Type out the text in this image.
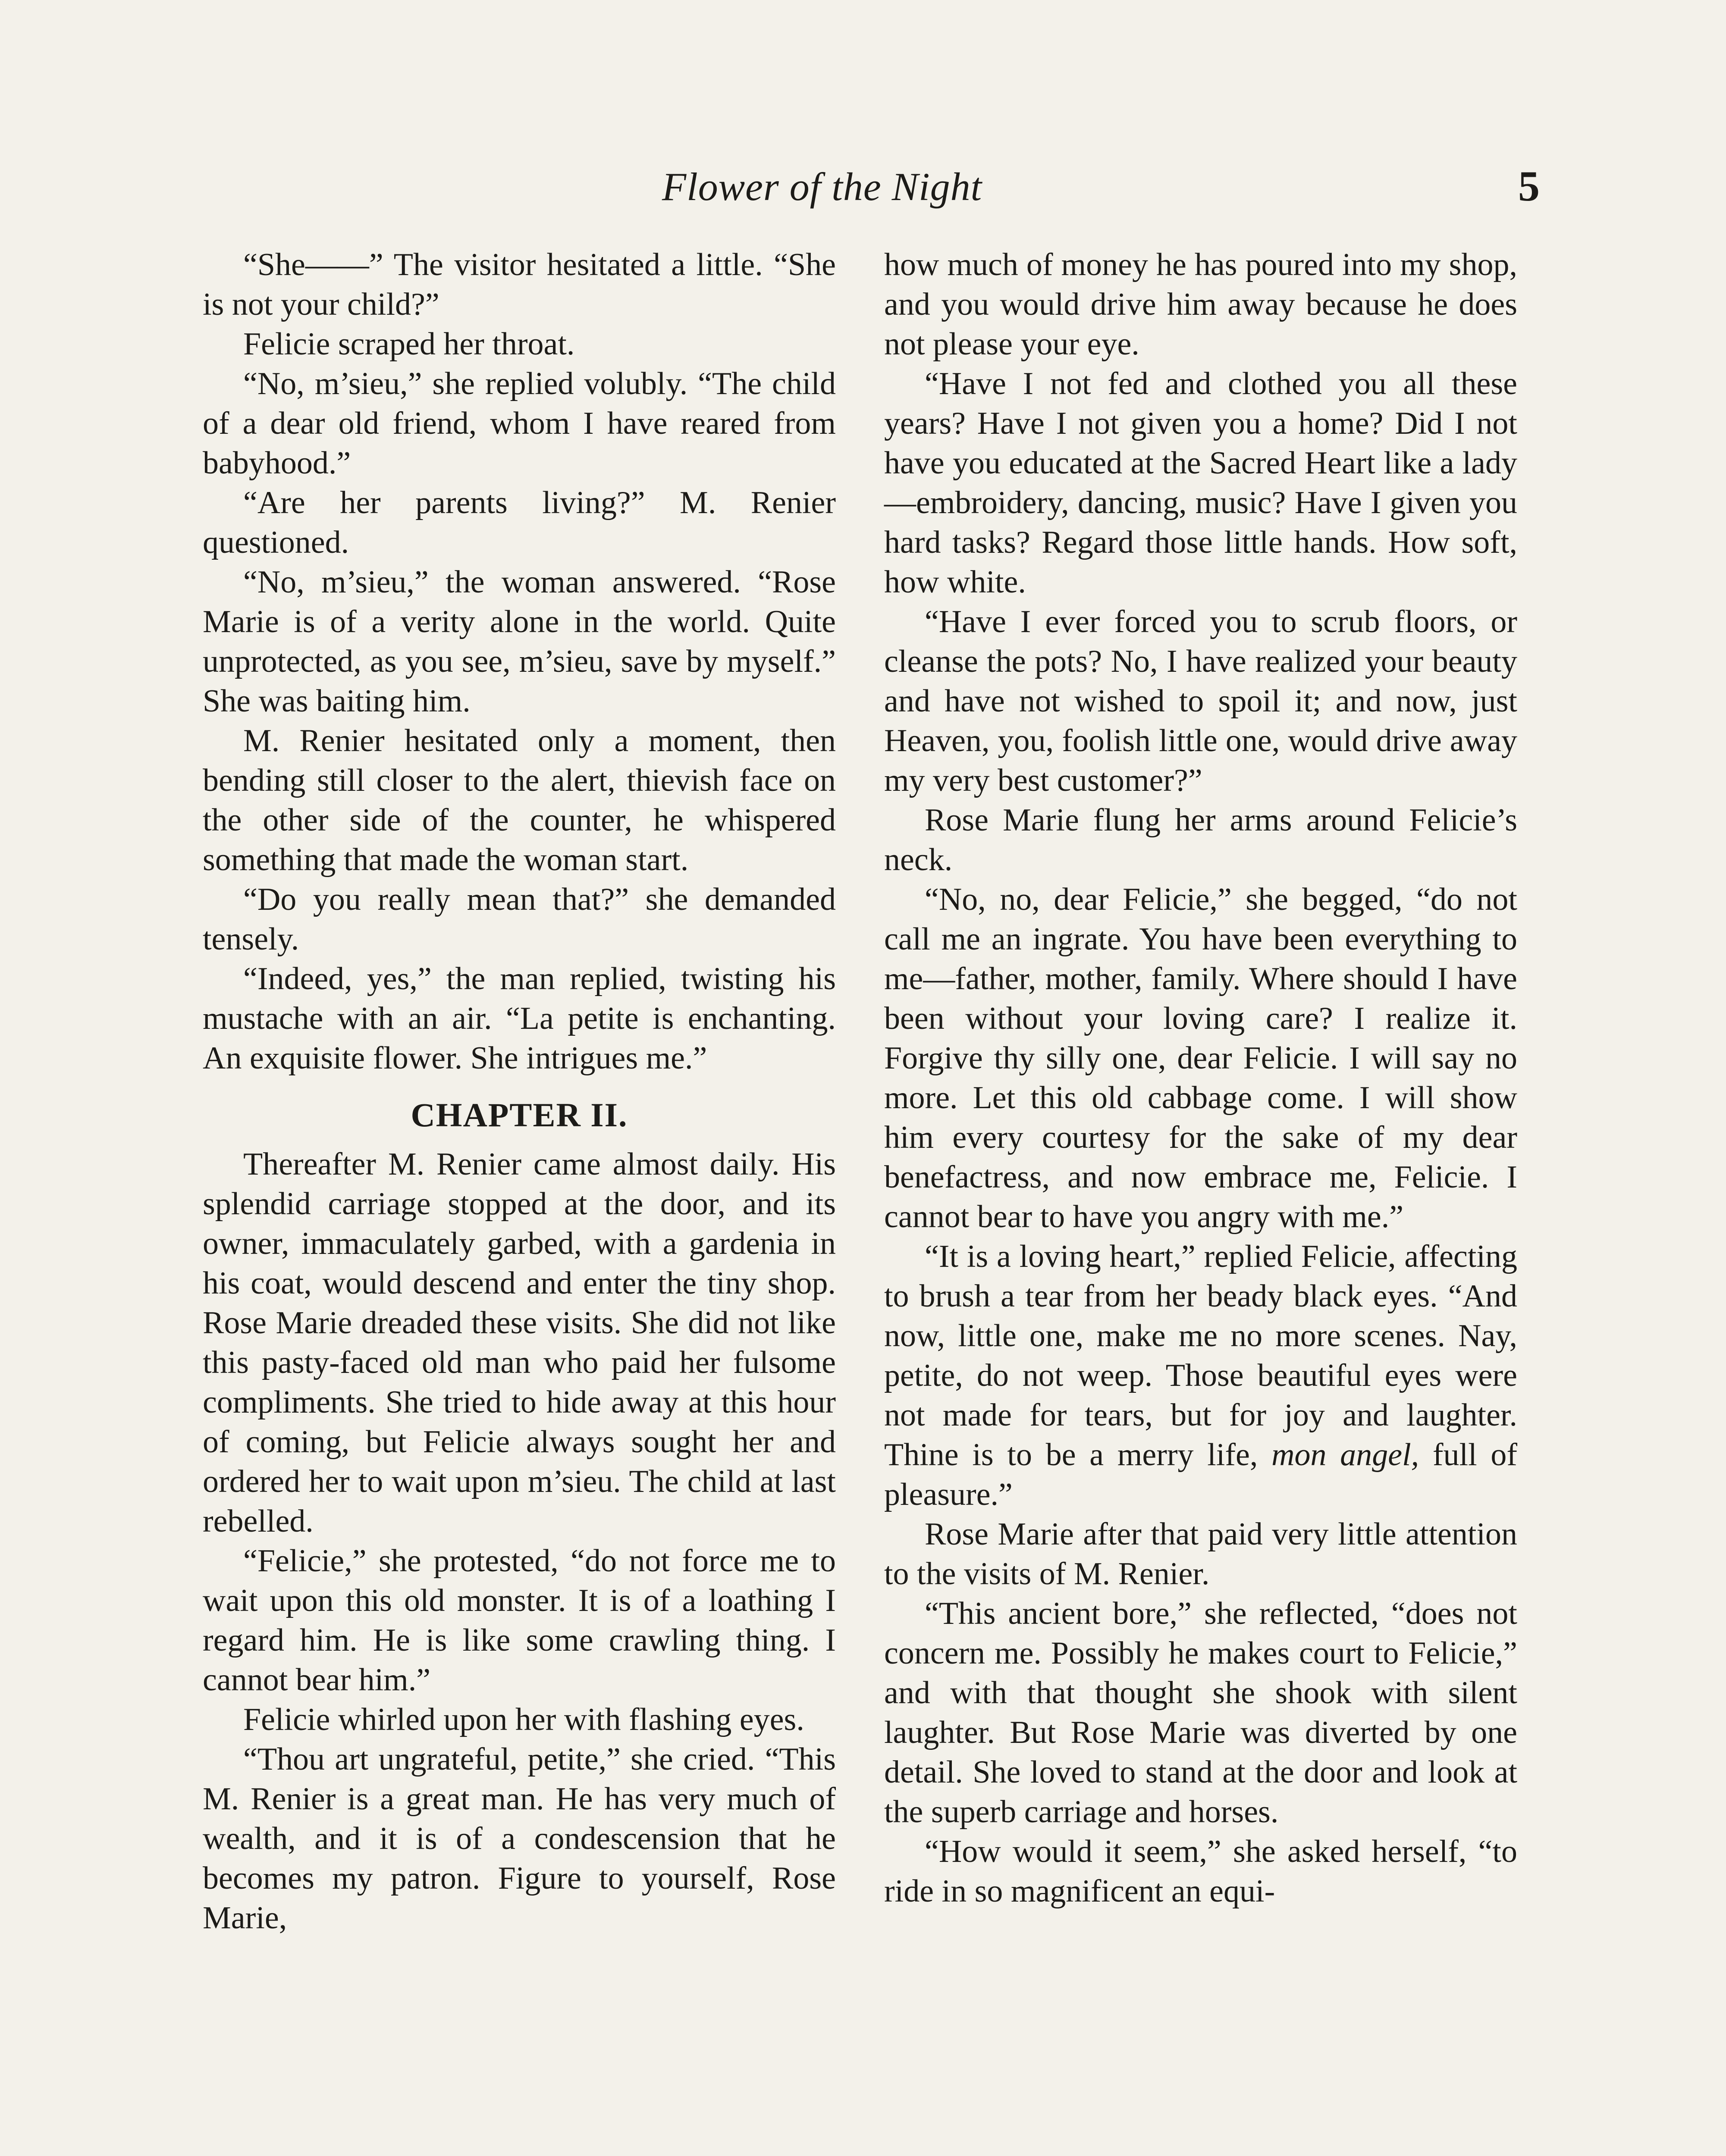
Flower of the Night	5

“She——” The visitor hesitated a little. “She is not your child?”

Felicie scraped her throat.

“No, m’sieu,” she replied volubly. “The child of a dear old friend, whom I have reared from babyhood.”

“Are her parents living?” M. Renier questioned.

“No, m’sieu,” the woman answered. “Rose Marie is of a verity alone in the world. Quite unprotected, as you see, m’sieu, save by myself.” She was baiting him.

M. Renier hesitated only a moment, then bending still closer to the alert, thievish face on the other side of the counter, he whispered something that made the woman start.

“Do you really mean that?” she demanded tensely.

“Indeed, yes,” the man replied, twisting his mustache with an air. “La petite is enchanting. An exquisite flower. She intrigues me.”

CHAPTER II.

Thereafter M. Renier came almost daily. His splendid carriage stopped at the door, and its owner, immaculately garbed, with a gardenia in his coat, would descend and enter the tiny shop. Rose Marie dreaded these visits. She did not like this pasty-faced old man who paid her fulsome compliments. She tried to hide away at this hour of coming, but Felicie always sought her and ordered her to wait upon m’sieu. The child at last rebelled.

“Felicie,” she protested, “do not force me to wait upon this old monster. It is of a loathing I regard him. He is like some crawling thing. I cannot bear him.”

Felicie whirled upon her with flashing eyes.

“Thou art ungrateful, petite,” she cried. “This M. Renier is a great man. He has very much of wealth, and it is of a condescension that he becomes my patron. Figure to yourself, Rose Marie,

how much of money he has poured into my shop, and you would drive him away because he does not please your eye.

“Have I not fed and clothed you all these years? Have I not given you a home? Did I not have you educated at the Sacred Heart like a lady—embroidery, dancing, music? Have I given you hard tasks? Regard those little hands. How soft, how white.

“Have I ever forced you to scrub floors, or cleanse the pots? No, I have realized your beauty and have not wished to spoil it; and now, just Heaven, you, foolish little one, would drive away my very best customer?”

Rose Marie flung her arms around Felicie’s neck.

“No, no, dear Felicie,” she begged, “do not call me an ingrate. You have been everything to me—father, mother, family. Where should I have been without your loving care? I realize it. Forgive thy silly one, dear Felicie. I will say no more. Let this old cabbage come. I will show him every courtesy for the sake of my dear benefactress, and now embrace me, Felicie. I cannot bear to have you angry with me.”

“It is a loving heart,” replied Felicie, affecting to brush a tear from her beady black eyes. “And now, little one, make me no more scenes. Nay, petite, do not weep. Those beautiful eyes were not made for tears, but for joy and laughter. Thine is to be a merry life, mon angel, full of pleasure.”

Rose Marie after that paid very little attention to the visits of M. Renier.

“This ancient bore,” she reflected, “does not concern me. Possibly he makes court to Felicie,” and with that thought she shook with silent laughter. But Rose Marie was diverted by one detail. She loved to stand at the door and look at the superb carriage and horses.

“How would it seem,” she asked herself, “to ride in so magnificent an equi-
